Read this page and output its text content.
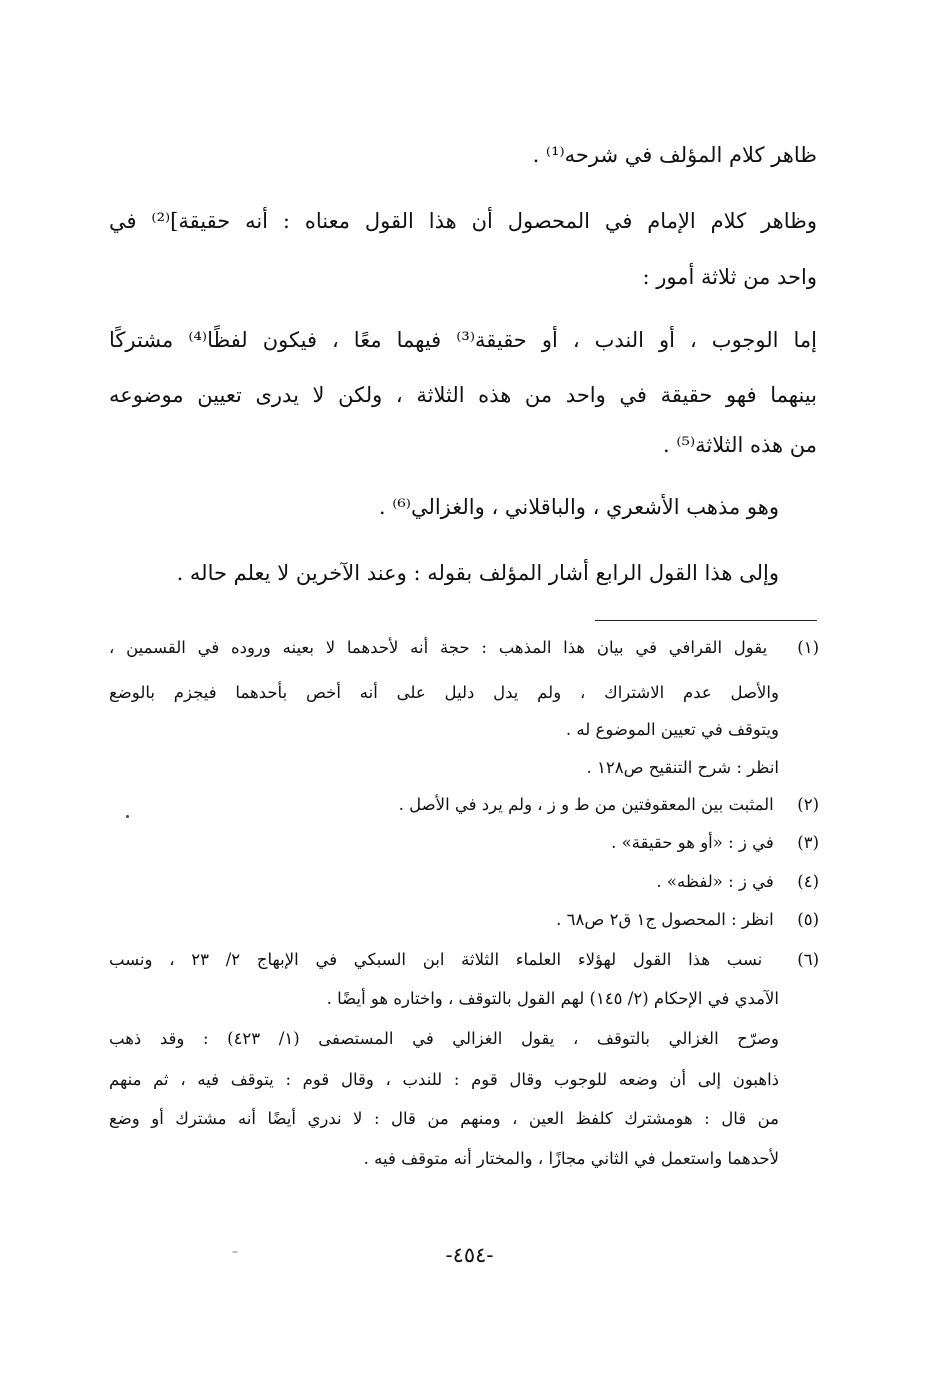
ظاهر كلام المؤلف في شرحه⁽¹⁾ .
وظاهر كلام الإمام في المحصول أن هذا القول معناه : أنه حقيقة]⁽²⁾ في
واحد من ثلاثة أمور :
إما الوجوب ، أو الندب ، أو حقيقة⁽³⁾ فيهما معًا ، فيكون لفظًا⁽⁴⁾ مشتركًا
بينهما فهو حقيقة في واحد من هذه الثلاثة ، ولكن لا يدرى تعيين موضوعه
من هذه الثلاثة⁽⁵⁾ .
وهو مذهب الأشعري ، والباقلاني ، والغزالي⁽⁶⁾ .
وإلى هذا القول الرابع أشار المؤلف بقوله : وعند الآخرين لا يعلم حاله .
(١) يقول القرافي في بيان هذا المذهب : حجة أنه لأحدهما لا بعينه وروده في القسمين ،
والأصل عدم الاشتراك ، ولم يدل دليل على أنه أخص بأحدهما فيجزم بالوضع
ويتوقف في تعيين الموضوع له .
انظر : شرح التنقيح ص١٢٨ .
(٢) المثبت بين المعقوفتين من ط و ز ، ولم يرد في الأصل .
(٣) في ز : «أو هو حقيقة» .
(٤) في ز : «لفظه» .
(٥) انظر : المحصول ج١ ق٢ ص٦٨ .
(٦) نسب هذا القول لهؤلاء العلماء الثلاثة ابن السبكي في الإبهاج ٢/ ٢٣ ، ونسب
الآمدي في الإحكام (٢/ ١٤٥) لهم القول بالتوقف ، واختاره هو أيضًا .
وصرّح الغزالي بالتوقف ، يقول الغزالي في المستصفى (١/ ٤٢٣) : وقد ذهب
ذاهبون إلى أن وضعه للوجوب وقال قوم : للندب ، وقال قوم : يتوقف فيه ، ثم منهم
من قال : هومشترك كلفظ العين ، ومنهم من قال : لا ندري أيضًا أنه مشترك أو وضع
لأحدهما واستعمل في الثاني مجازًا ، والمختار أنه متوقف فيه .
-٤٥٤-
